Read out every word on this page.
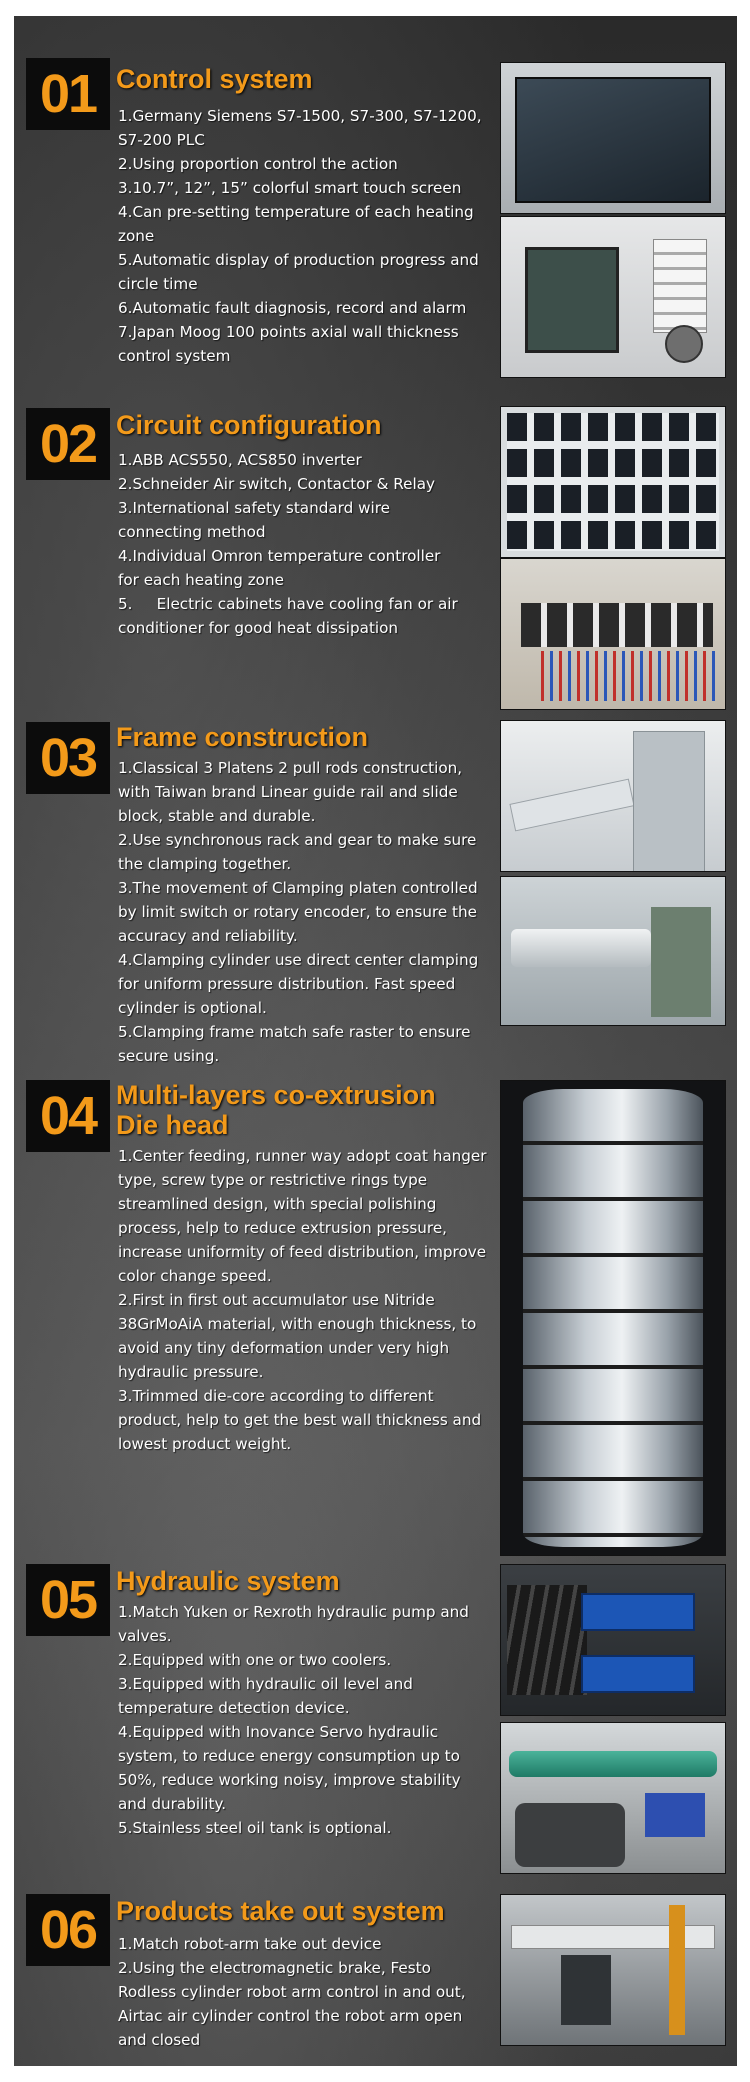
01 Control system

1.Germany Siemens S7-1500, S7-300, S7-1200, S7-200 PLC

2.Using proportion control the action

3.10.7”, 12”, 15” colorful smart touch screen

4.Can pre-setting temperature of each heating zone

5.Automatic display of production progress and circle time

6.Automatic fault diagnosis, record and alarm

7.Japan Moog 100 points axial wall thickness control system

02 Circuit configuration

1.ABB ACS550, ACS850 inverter

2.Schneider Air switch, Contactor & Relay

3.International safety standard wire connecting method

4.Individual Omron temperature controller for each heating zone

5.     Electric cabinets have cooling fan or air conditioner for good heat dissipation

03 Frame construction

1.Classical 3 Platens 2 pull rods construction, with Taiwan brand Linear guide rail and slide block, stable and durable.

2.Use synchronous rack and gear to make sure the clamping together.

3.The movement of Clamping platen controlled by limit switch or rotary encoder, to ensure the accuracy and reliability.

4.Clamping cylinder use direct center clamping for uniform pressure distribution. Fast speed cylinder is optional.

5.Clamping frame match safe raster to ensure secure using.

04 Multi-layers co-extrusion Die head

1.Center feeding, runner way adopt coat hanger type, screw type or restrictive rings type streamlined design, with special polishing process, help to reduce extrusion pressure, increase uniformity of feed distribution, improve color change speed.

2.First in first out accumulator use Nitride 38GrMoAiA material, with enough thickness, to avoid any tiny deformation under very high hydraulic pressure.

3.Trimmed die-core according to different product, help to get the best wall thickness and lowest product weight.

05 Hydraulic system

1.Match Yuken or Rexroth hydraulic pump and valves.

2.Equipped with one or two coolers.

3.Equipped with hydraulic oil level and temperature detection device.

4.Equipped with Inovance Servo hydraulic system, to reduce energy consumption up to 50%, reduce working noisy, improve stability and durability.

5.Stainless steel oil tank is optional.

06 Products take out system

1.Match robot-arm take out device

2.Using the electromagnetic brake, Festo Rodless cylinder robot arm control in and out, Airtac air cylinder control the robot arm open and closed
